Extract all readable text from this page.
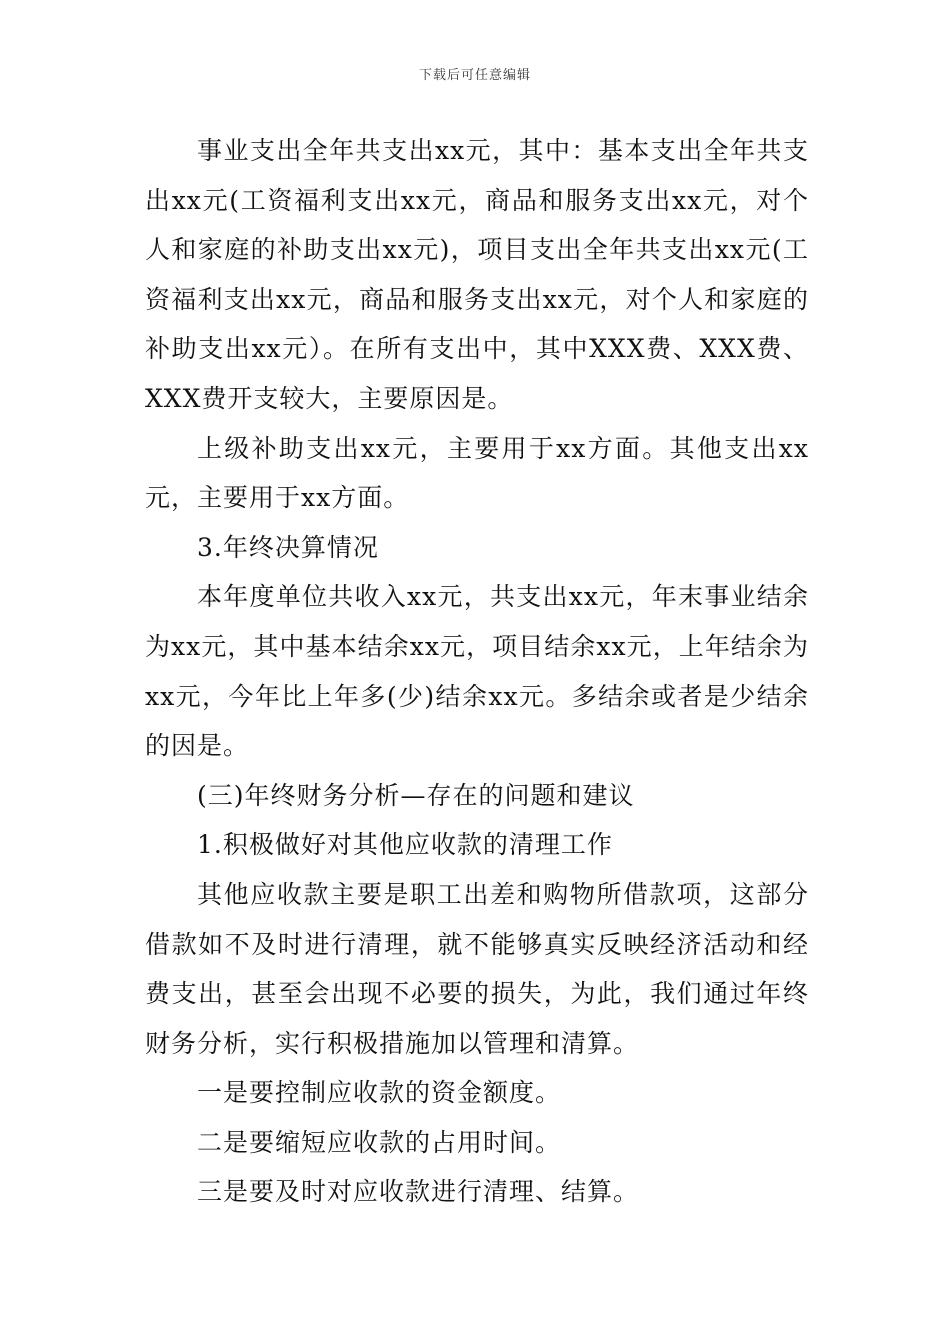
下载后可任意编辑

事业支出全年共支出xx元，其中：基本支出全年共支出xx元(工资福利支出xx元，商品和服务支出xx元，对个人和家庭的补助支出xx元)，项目支出全年共支出xx元(工资福利支出xx元，商品和服务支出xx元，对个人和家庭的补助支出xx元）。在所有支出中，其中XXX费、XXX费、XXX费开支较大，主要原因是。

上级补助支出xx元，主要用于xx方面。其他支出xx元，主要用于xx方面。

3.年终决算情况

本年度单位共收入xx元，共支出xx元，年末事业结余为xx元，其中基本结余xx元，项目结余xx元，上年结余为xx元，今年比上年多(少)结余xx元。多结余或者是少结余的因是。

(三)年终财务分析—存在的问题和建议

1.积极做好对其他应收款的清理工作

其他应收款主要是职工出差和购物所借款项，这部分借款如不及时进行清理，就不能够真实反映经济活动和经费支出，甚至会出现不必要的损失，为此，我们通过年终财务分析，实行积极措施加以管理和清算。

一是要控制应收款的资金额度。

二是要缩短应收款的占用时间。

三是要及时对应收款进行清理、结算。
